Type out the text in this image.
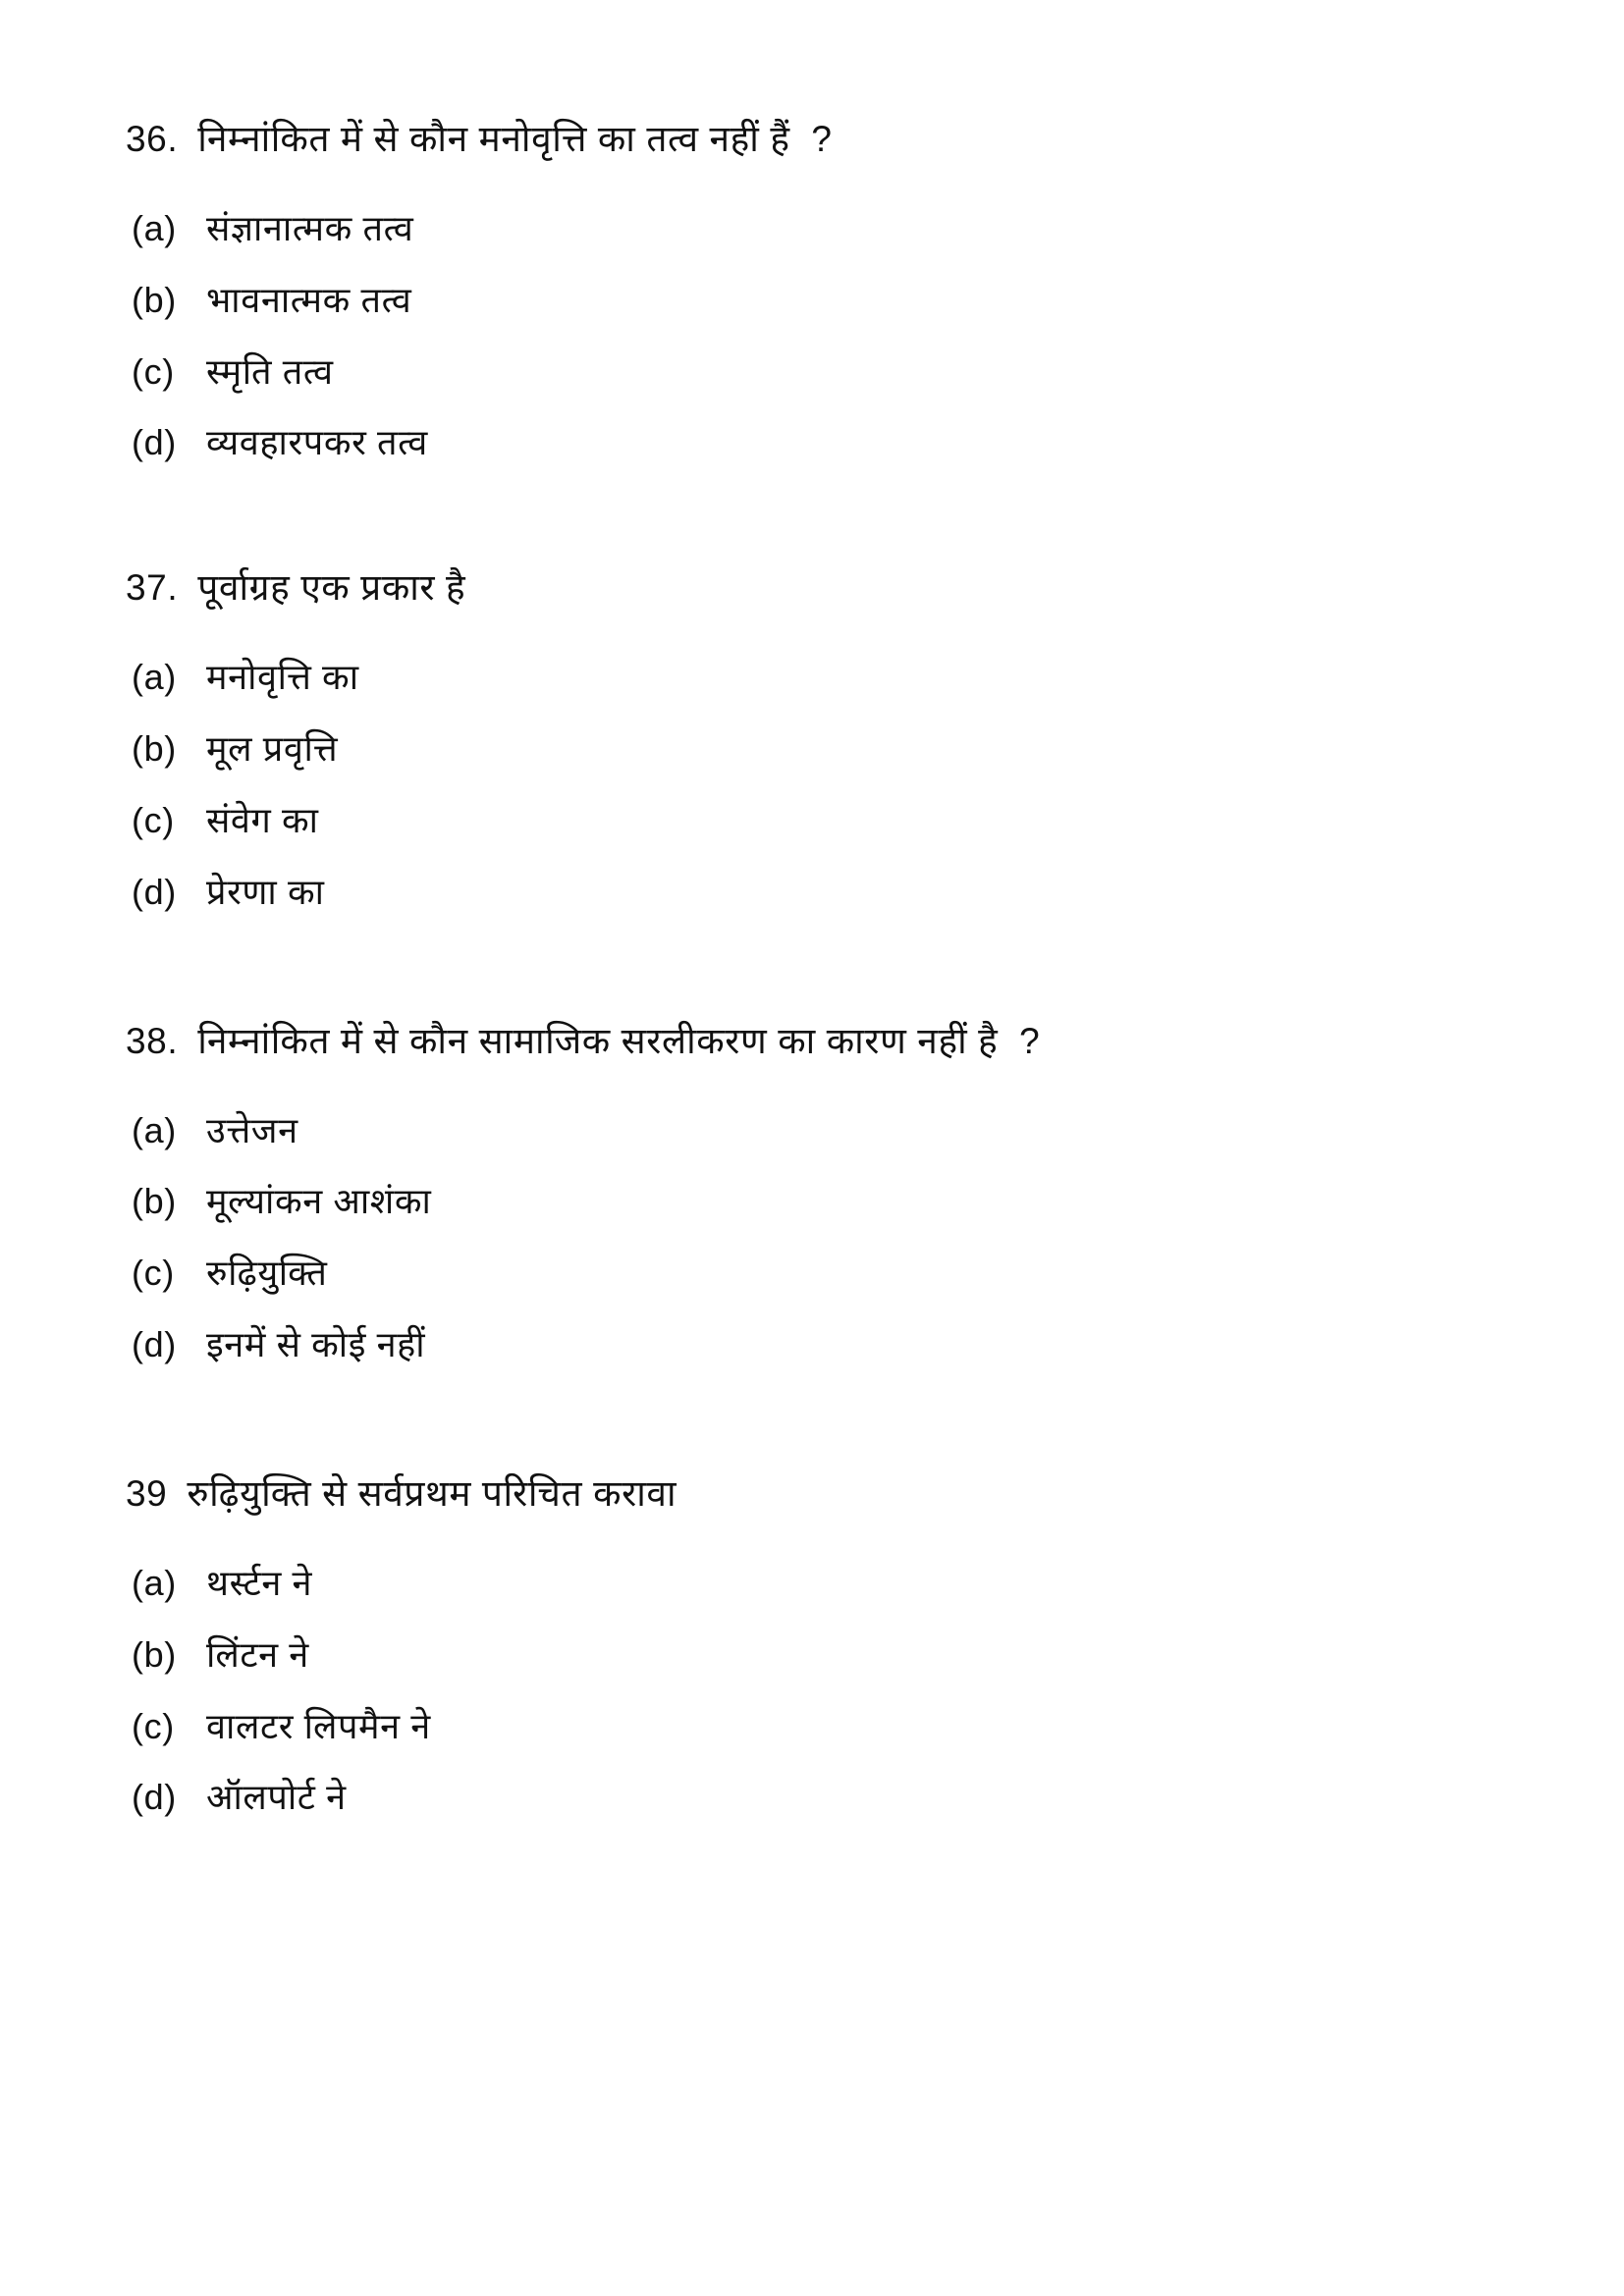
36. निम्नांकित में से कौन मनोवृत्ति का तत्व नहीं हैं  ?
(a) संज्ञानात्मक तत्व
(b) भावनात्मक तत्व
(c) स्मृति तत्व
(d) व्यवहारपकर तत्व
37. पूर्वाग्रह एक प्रकार है
(a) मनोवृत्ति का
(b) मूल प्रवृत्ति
(c) संवेग का
(d) प्रेरणा का
38. निम्नांकित में से कौन सामाजिक सरलीकरण का कारण नहीं है  ?
(a) उत्तेजन
(b) मूल्यांकन आशंका
(c) रुढ़ियुक्ति
(d) इनमें से कोई नहीं
39 रुढ़ियुक्ति से सर्वप्रथम परिचित करावा
(a) थर्स्टन ने
(b) लिंटन ने
(c) वालटर लिपमैन ने
(d) ऑलपोर्ट ने
